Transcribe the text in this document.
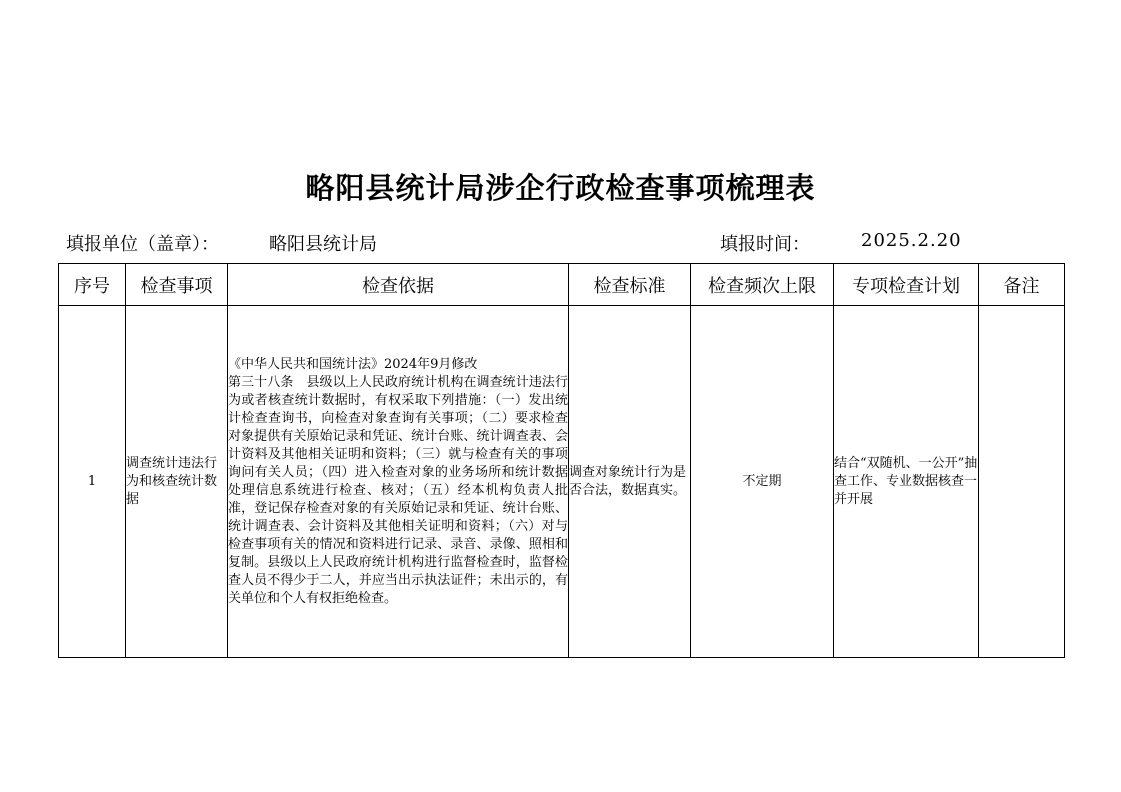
略阳县统计局涉企行政检查事项梳理表
填报单位（盖章）：	略阳县统计局	填报时间：	2025.2.20
序号	检查事项	检查依据	检查标准	检查频次上限	专项检查计划	备注
1	调查统计违法行为和核查统计数据	《中华人民共和国统计法》2024年9月修改
第三十八条　县级以上人民政府统计机构在调查统计违法行为或者核查统计数据时，有权采取下列措施：（一）发出统计检查查询书，向检查对象查询有关事项；（二）要求检查对象提供有关原始记录和凭证、统计台账、统计调查表、会计资料及其他相关证明和资料；（三）就与检查有关的事项询问有关人员；（四）进入检查对象的业务场所和统计数据处理信息系统进行检查、核对；（五）经本机构负责人批准，登记保存检查对象的有关原始记录和凭证、统计台账、统计调查表、会计资料及其他相关证明和资料；（六）对与检查事项有关的情况和资料进行记录、录音、录像、照相和复制。县级以上人民政府统计机构进行监督检查时，监督检查人员不得少于二人，并应当出示执法证件；未出示的，有关单位和个人有权拒绝检查。	调查对象统计行为是否合法，数据真实。	不定期	结合“双随机、一公开”抽查工作、专业数据核查一并开展	
